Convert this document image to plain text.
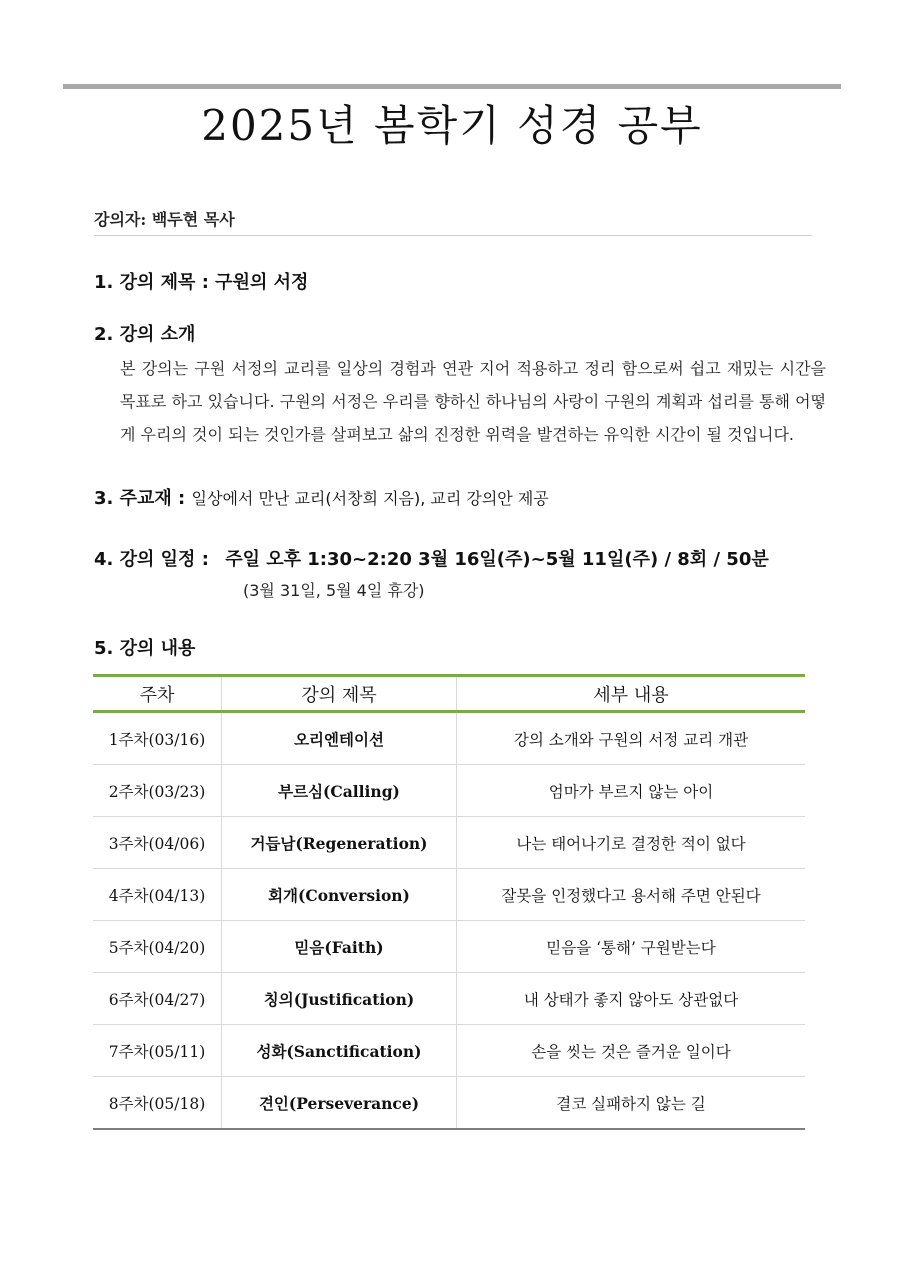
2025년 봄학기 성경 공부
강의자: 백두현 목사
1. 강의 제목 : 구원의 서정
2. 강의 소개
본 강의는 구원 서정의 교리를 일상의 경험과 연관 지어 적용하고 정리 함으로써 쉽고 재밌는 시간을 목표로 하고 있습니다. 구원의 서정은 우리를 향하신 하나님의 사랑이 구원의 계획과 섭리를 통해 어떻게 우리의 것이 되는 것인가를 살펴보고 삶의 진정한 위력을 발견하는 유익한 시간이 될 것입니다.
3. 주교재 : 일상에서 만난 교리(서창희 지음), 교리 강의안 제공
4. 강의 일정 : 주일 오후 1:30~2:20 3월 16일(주)~5월 11일(주) / 8회 / 50분
(3월 31일, 5월 4일 휴강)
5. 강의 내용
주차	강의 제목	세부 내용
1주차(03/16)	오리엔테이션	강의 소개와 구원의 서정 교리 개관
2주차(03/23)	부르심(Calling)	엄마가 부르지 않는 아이
3주차(04/06)	거듭남(Regeneration)	나는 태어나기로 결정한 적이 없다
4주차(04/13)	회개(Conversion)	잘못을 인정했다고 용서해 주면 안된다
5주차(04/20)	믿음(Faith)	믿음을 ‘통해’ 구원받는다
6주차(04/27)	칭의(Justification)	내 상태가 좋지 않아도 상관없다
7주차(05/11)	성화(Sanctification)	손을 씻는 것은 즐거운 일이다
8주차(05/18)	견인(Perseverance)	결코 실패하지 않는 길
